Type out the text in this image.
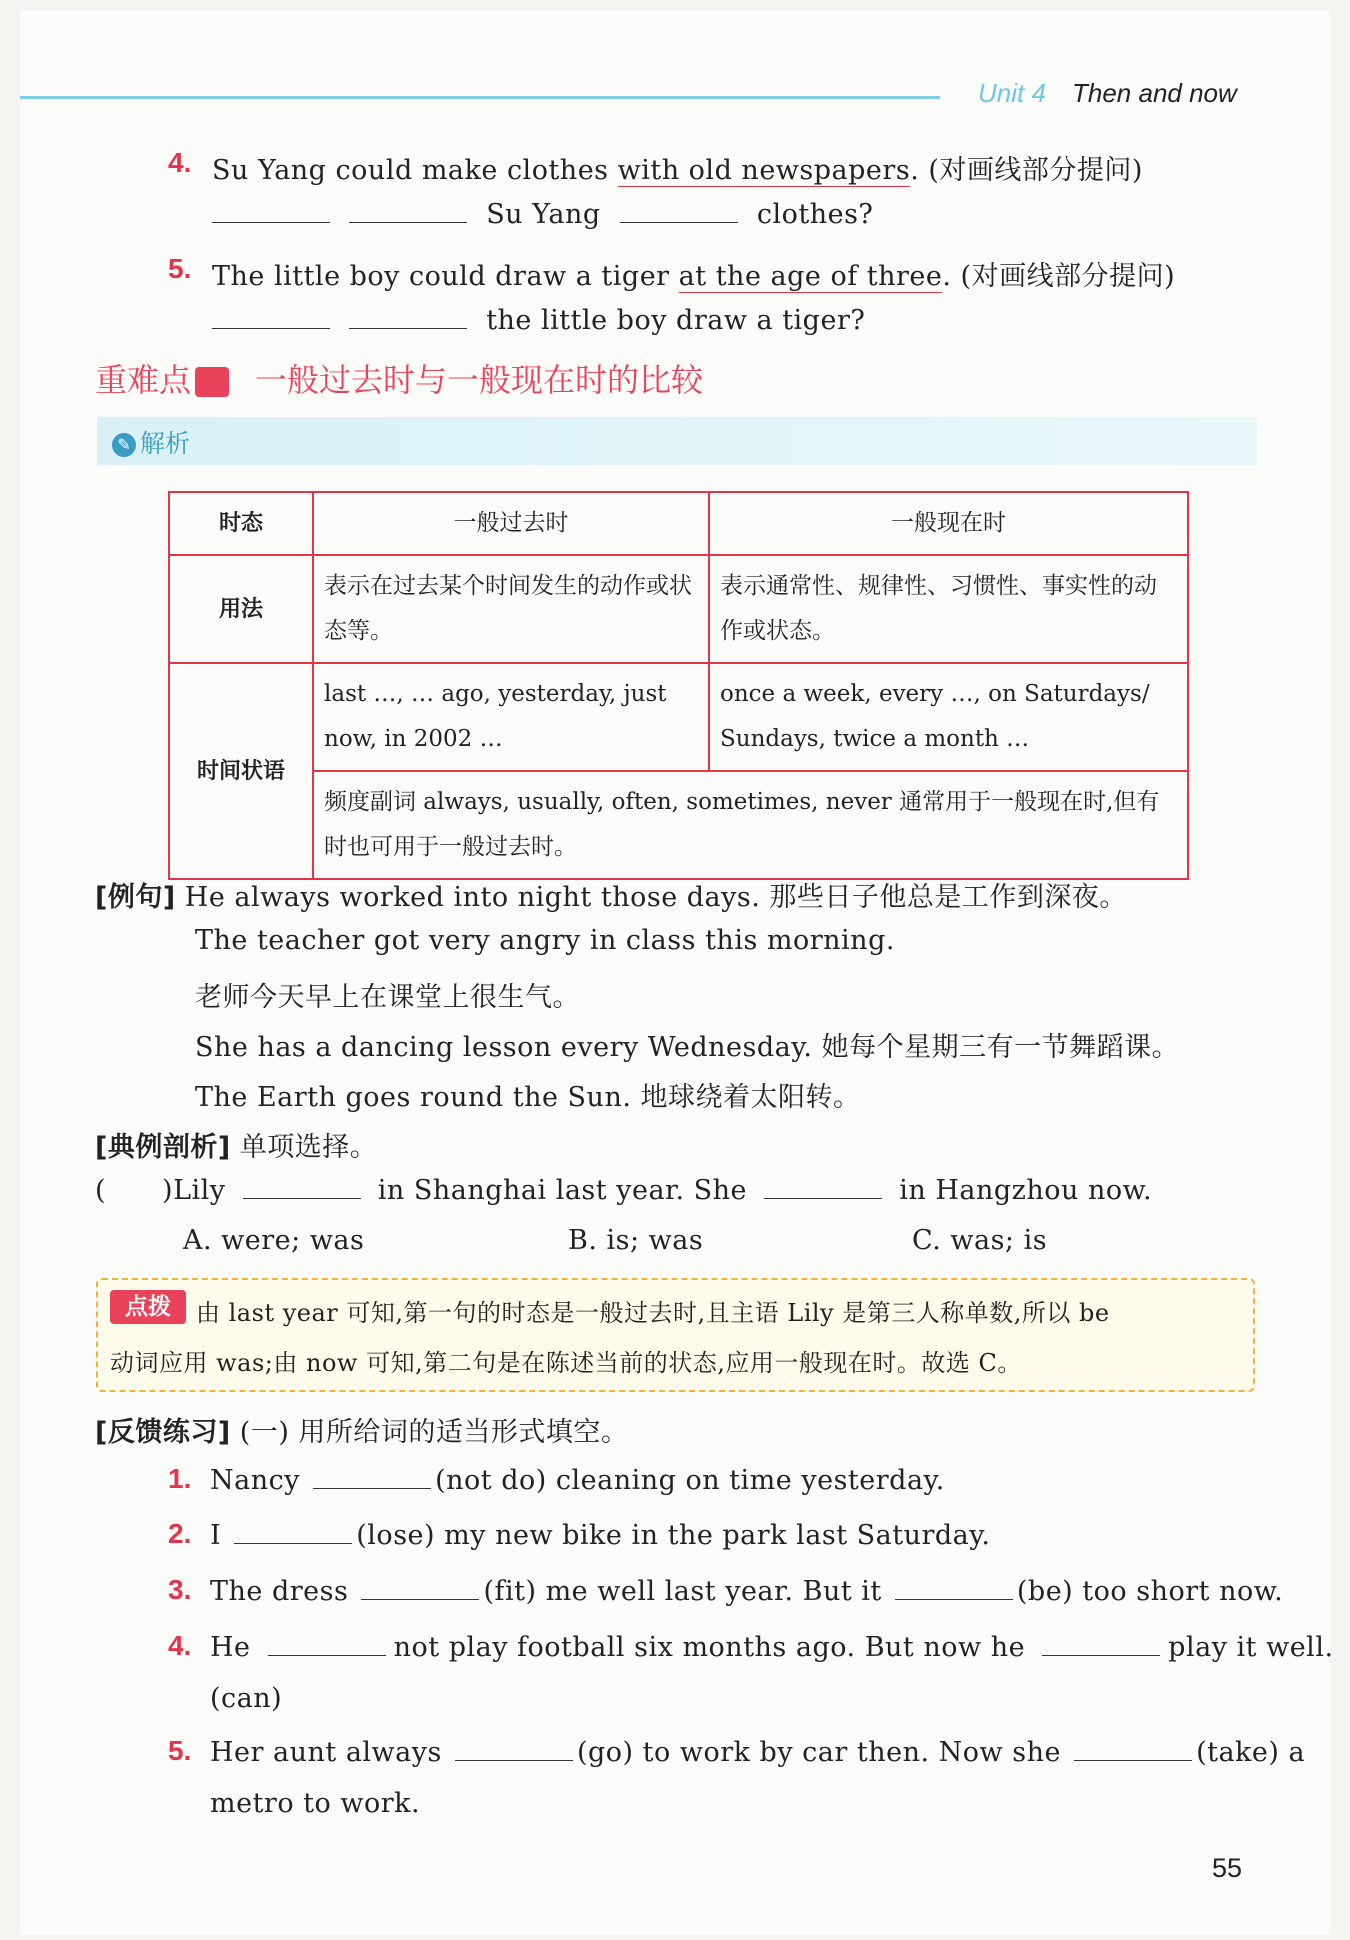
Unit 4 Then and now
4. Su Yang could make clothes with old newspapers. (对画线部分提问)
Su Yang	clothes?
5. The little boy could draw a tiger at the age of three. (对画线部分提问)
the little boy draw a tiger?
重难点 一般过去时与一般现在时的比较
✎ 解析
时态	一般过去时	一般现在时
用法	表示在过去某个时间发生的动作或状态等。	表示通常性、规律性、习惯性、事实性的动作或状态。
时间状语	last …, … ago, yesterday, just now, in 2002 …	once a week, every …, on Saturdays/ Sundays, twice a month …
	频度副词 always, usually, often, sometimes, never 通常用于一般现在时,但有时也可用于一般过去时。	
[例句] He always worked into night those days. 那些日子他总是工作到深夜。
The teacher got very angry in class this morning.
老师今天早上在课堂上很生气。
She has a dancing lesson every Wednesday. 她每个星期三有一节舞蹈课。
The Earth goes round the Sun. 地球绕着太阳转。
[典例剖析] 单项选择。
( )Lily	in Shanghai last year. She	in Hangzhou now.
A. were; was	B. is; was	C. was; is
点拨	由 last year 可知,第一句的时态是一般过去时,且主语 Lily 是第三人称单数,所以 be
动词应用 was;由 now 可知,第二句是在陈述当前的状态,应用一般现在时。故选 C。
[反馈练习] (一) 用所给词的适当形式填空。
1. Nancy	(not do) cleaning on time yesterday.
2. I	(lose) my new bike in the park last Saturday.
3. The dress	(fit) me well last year. But it	(be) too short now.
4. He	not play football six months ago. But now he	play it well.
(can)
5. Her aunt always	(go) to work by car then. Now she	(take) a
metro to work.
55
